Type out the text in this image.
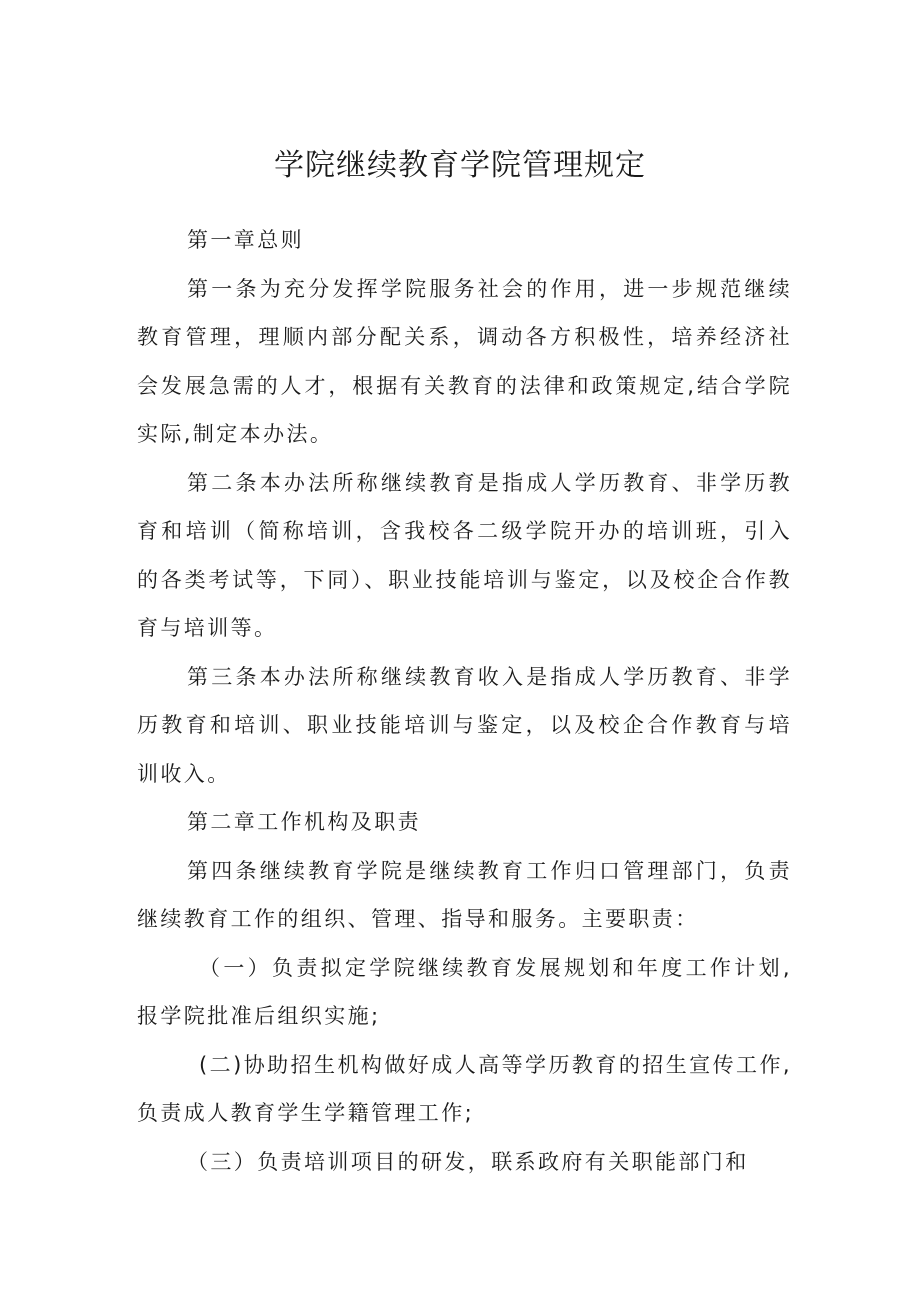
学院继续教育学院管理规定

第一章总则

第一条为充分发挥学院服务社会的作用，进一步规范继续教育管理，理顺内部分配关系，调动各方积极性，培养经济社会发展急需的人才，根据有关教育的法律和政策规定,结合学院实际,制定本办法。

第二条本办法所称继续教育是指成人学历教育、非学历教育和培训（简称培训，含我校各二级学院开办的培训班，引入的各类考试等，下同）、职业技能培训与鉴定，以及校企合作教育与培训等。

第三条本办法所称继续教育收入是指成人学历教育、非学历教育和培训、职业技能培训与鉴定，以及校企合作教育与培训收入。

第二章工作机构及职责

第四条继续教育学院是继续教育工作归口管理部门，负责继续教育工作的组织、管理、指导和服务。主要职责：

（一）负责拟定学院继续教育发展规划和年度工作计划,报学院批准后组织实施;

(二)协助招生机构做好成人高等学历教育的招生宣传工作,负责成人教育学生学籍管理工作;

（三）负责培训项目的研发，联系政府有关职能部门和
